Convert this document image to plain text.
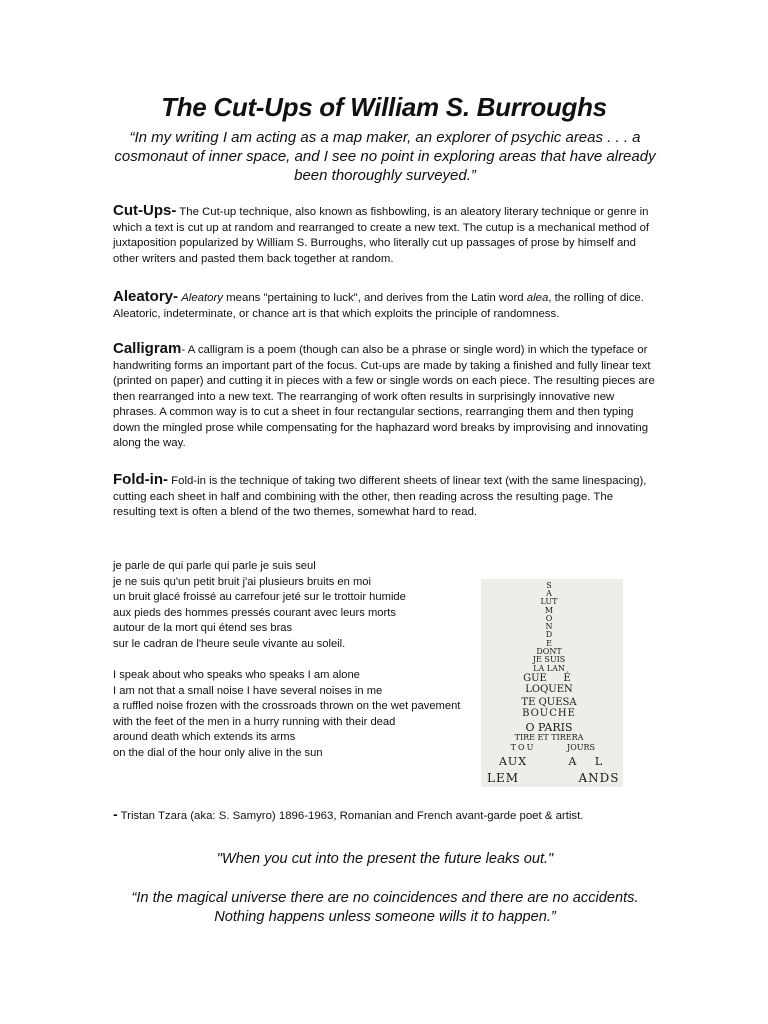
The Cut-Ups of William S. Burroughs

“In my writing I am acting as a map maker, an explorer of psychic areas . . . a cosmonaut of inner space, and I see no point in exploring areas that have already been thoroughly surveyed.”

Cut-Ups- The Cut-up technique, also known as fishbowling, is an aleatory literary technique or genre in which a text is cut up at random and rearranged to create a new text. The cutup is a mechanical method of juxtaposition popularized by William S. Burroughs, who literally cut up passages of prose by himself and other writers and pasted them back together at random.

Aleatory- Aleatory means "pertaining to luck", and derives from the Latin word alea, the rolling of dice. Aleatoric, indeterminate, or chance art is that which exploits the principle of randomness.

Calligram- A calligram is a poem (though can also be a phrase or single word) in which the typeface or handwriting forms an important part of the focus. Cut-ups are made by taking a finished and fully linear text (printed on paper) and cutting it in pieces with a few or single words on each piece. The resulting pieces are then rearranged into a new text. The rearranging of work often results in surprisingly innovative new phrases. A common way is to cut a sheet in four rectangular sections, rearranging them and then typing down the mingled prose while compensating for the haphazard word breaks by improvising and innovating along the way.

Fold-in- Fold-in is the technique of taking two different sheets of linear text (with the same linespacing), cutting each sheet in half and combining with the other, then reading across the resulting page. The resulting text is often a blend of the two themes, somewhat hard to read.

je parle de qui parle qui parle je suis seul
je ne suis qu'un petit bruit j'ai plusieurs bruits en moi
un bruit glacé froissé au carrefour jeté sur le trottoir humide
aux pieds des hommes pressés courant avec leurs morts
autour de la mort qui étend ses bras
sur le cadran de l'heure seule vivante au soleil.
I speak about who speaks who speaks I am alone
I am not that a small noise I have several noises in me
a ruffled noise frozen with the crossroads thrown on the wet pavement
with the feet of the men in a hurry running with their dead
around death which extends its arms
on the dial of the hour only alive in the sun
S
A
LUT
M
O
N
D
E
DONT
JE SUIS
LA LAN
GUE É
LOQUEN
TE QUESA
BOUCHE
O PARIS
TIRE ET TIRERA
TOU	JOURS
AUX	A L
LEM	ANDS

- Tristan Tzara (aka: S. Samyro) 1896-1963, Romanian and French avant-garde poet & artist.

"When you cut into the present the future leaks out."

“In the magical universe there are no coincidences and there are no accidents. Nothing happens unless someone wills it to happen.”
